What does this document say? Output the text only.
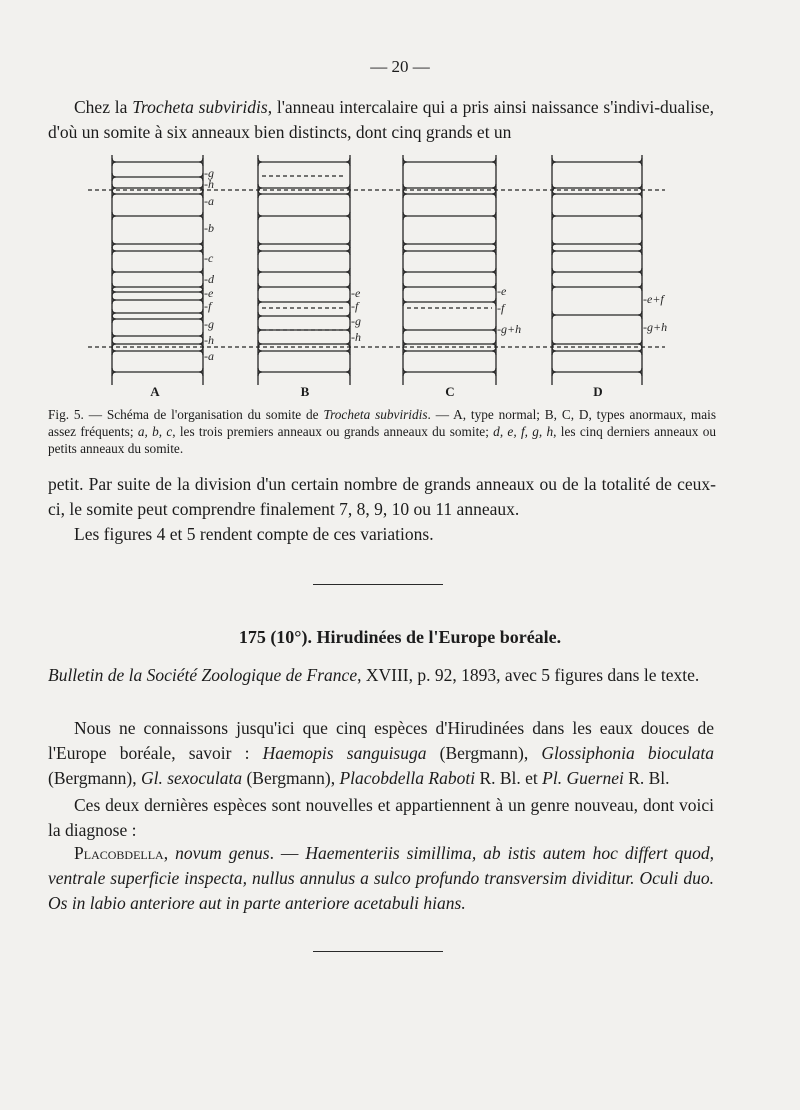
— 20 —

Chez la Trocheta subviridis, l'anneau intercalaire qui a pris ainsi naissance s'indivi-dualise, d'où un somite à six anneaux bien distincts, dont cinq grands et un

-g
-h
-a
-b
-c
-d
-e
-f
-g
-h
-a
-e
-f
-g
-h
-e
-f
-g+h
-e+f
-g+h
A	B	C	D

Fig. 5. — Schéma de l'organisation du somite de Trocheta subviridis. — A, type normal; B, C, D, types anormaux, mais assez fréquents; a, b, c, les trois premiers anneaux ou grands anneaux du somite; d, e, f, g, h, les cinq derniers anneaux ou petits anneaux du somite.

petit. Par suite de la division d'un certain nombre de grands anneaux ou de la totalité de ceux-ci, le somite peut comprendre finalement 7, 8, 9, 10 ou 11 anneaux.

Les figures 4 et 5 rendent compte de ces variations.

175 (10°). Hirudinées de l'Europe boréale.

Bulletin de la Société Zoologique de France, XVIII, p. 92, 1893, avec 5 figures dans le texte.

Nous ne connaissons jusqu'ici que cinq espèces d'Hirudinées dans les eaux douces de l'Europe boréale, savoir : Haemopis sanguisuga (Bergmann), Glossiphonia bioculata (Bergmann), Gl. sexoculata (Bergmann), Placobdella Raboti R. Bl. et Pl. Guernei R. Bl.

Ces deux dernières espèces sont nouvelles et appartiennent à un genre nouveau, dont voici la diagnose :

Placobdella, novum genus. — Haementeriis simillima, ab istis autem hoc differt quod, ventrale superficie inspecta, nullus annulus a sulco profundo transversim dividitur. Oculi duo. Os in labio anteriore aut in parte anteriore acetabuli hians.
